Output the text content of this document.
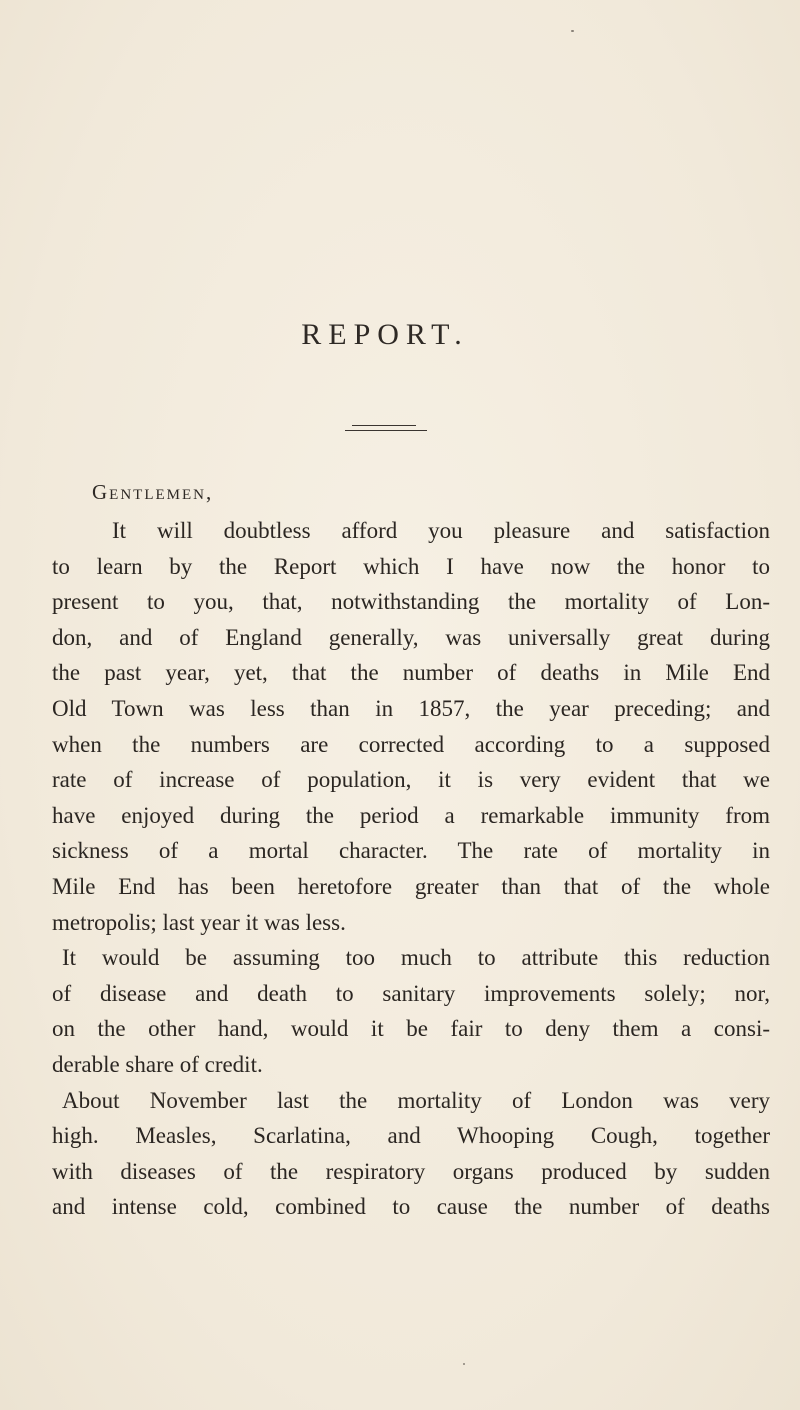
REPORT.
Gentlemen,
It will doubtless afford you pleasure and satisfaction
to learn by the Report which I have now the honor to
present to you, that, notwithstanding the mortality of Lon-
don, and of England generally, was universally great during
the past year, yet, that the number of deaths in Mile End
Old Town was less than in 1857, the year preceding; and
when the numbers are corrected according to a supposed
rate of increase of population, it is very evident that we
have enjoyed during the period a remarkable immunity from
sickness of a mortal character. The rate of mortality in
Mile End has been heretofore greater than that of the whole
metropolis; last year it was less.
It would be assuming too much to attribute this reduction
of disease and death to sanitary improvements solely; nor,
on the other hand, would it be fair to deny them a consi-
derable share of credit.
About November last the mortality of London was very
high. Measles, Scarlatina, and Whooping Cough, together
with diseases of the respiratory organs produced by sudden
and intense cold, combined to cause the number of deaths
